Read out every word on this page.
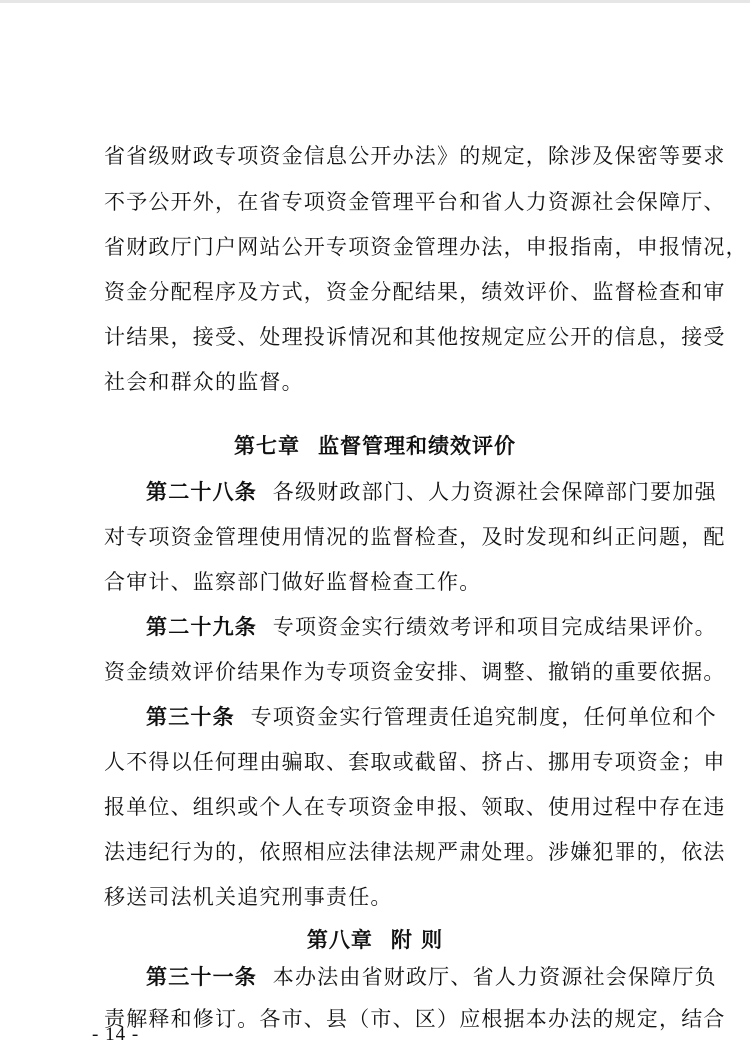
省省级财政专项资金信息公开办法》的规定，除涉及保密等要求
不予公开外，在省专项资金管理平台和省人力资源社会保障厅、
省财政厅门户网站公开专项资金管理办法，申报指南，申报情况，
资金分配程序及方式，资金分配结果，绩效评价、监督检查和审
计结果，接受、处理投诉情况和其他按规定应公开的信息，接受
社会和群众的监督。
第七章 监督管理和绩效评价
第二十八条 各级财政部门、人力资源社会保障部门要加强
对专项资金管理使用情况的监督检查，及时发现和纠正问题，配
合审计、监察部门做好监督检查工作。
第二十九条 专项资金实行绩效考评和项目完成结果评价。
资金绩效评价结果作为专项资金安排、调整、撤销的重要依据。
第三十条 专项资金实行管理责任追究制度，任何单位和个
人不得以任何理由骗取、套取或截留、挤占、挪用专项资金；申
报单位、组织或个人在专项资金申报、领取、使用过程中存在违
法违纪行为的，依照相应法律法规严肃处理。涉嫌犯罪的，依法
移送司法机关追究刑事责任。
第八章 附 则
第三十一条 本办法由省财政厅、省人力资源社会保障厅负
责解释和修订。各市、县（市、区）应根据本办法的规定，结合
- 14 -
